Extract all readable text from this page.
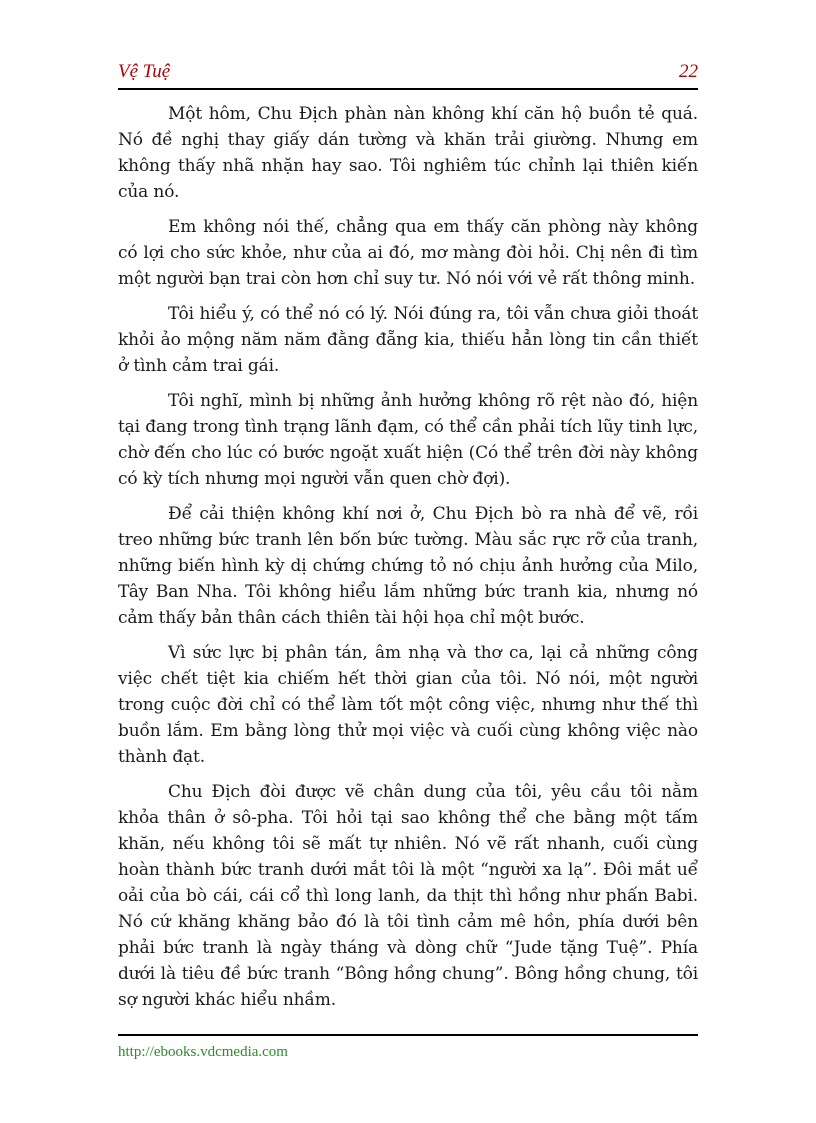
Vệ Tuệ	22

Một hôm, Chu Địch phàn nàn không khí căn hộ buồn tẻ quá. Nó đề nghị thay giấy dán tường và khăn trải giường. Nhưng em không thấy nhã nhặn hay sao. Tôi nghiêm túc chỉnh lại thiên kiến của nó.

Em không nói thế, chẳng qua em thấy căn phòng này không có lợi cho sức khỏe, như của ai đó, mơ màng đòi hỏi. Chị nên đi tìm một người bạn trai còn hơn chỉ suy tư. Nó nói với vẻ rất thông minh.

Tôi hiểu ý, có thể nó có lý. Nói đúng ra, tôi vẫn chưa giỏi thoát khỏi ảo mộng năm năm đằng đẵng kia, thiếu hẳn lòng tin cần thiết ở tình cảm trai gái.

Tôi nghĩ, mình bị những ảnh hưởng không rõ rệt nào đó, hiện tại đang trong tình trạng lãnh đạm, có thể cần phải tích lũy tinh lực, chờ đến cho lúc có bước ngoặt xuất hiện (Có thể trên đời này không có kỳ tích nhưng mọi người vẫn quen chờ đợi).

Để cải thiện không khí nơi ở, Chu Địch bò ra nhà để vẽ, rồi treo những bức tranh lên bốn bức tường. Màu sắc rực rỡ của tranh, những biến hình kỳ dị chứng chứng tỏ nó chịu ảnh hưởng của Milo, Tây Ban Nha. Tôi không hiểu lắm những bức tranh kia, nhưng nó cảm thấy bản thân cách thiên tài hội họa chỉ một bước.

Vì sức lực bị phân tán, âm nhạ và thơ ca, lại cả những công việc chết tiệt kia chiếm hết thời gian của tôi. Nó nói, một người trong cuộc đời chỉ có thể làm tốt một công việc, nhưng như thế thì buồn lắm. Em bằng lòng thử mọi việc và cuối cùng không việc nào thành đạt.

Chu Địch đòi được vẽ chân dung của tôi, yêu cầu tôi nằm khỏa thân ở sô-pha. Tôi hỏi tại sao không thể che bằng một tấm khăn, nếu không tôi sẽ mất tự nhiên. Nó vẽ rất nhanh, cuối cùng hoàn thành bức tranh dưới mắt tôi là một “người xa lạ”. Đôi mắt uể oải của bò cái, cái cổ thì long lanh, da thịt thì hồng như phấn Babi. Nó cứ khăng khăng bảo đó là tôi tình cảm mê hồn, phía dưới bên phải bức tranh là ngày tháng và dòng chữ “Jude tặng Tuệ”. Phía dưới là tiêu đề bức tranh “Bông hồng chung”. Bông hồng chung, tôi sợ người khác hiểu nhầm.

http://ebooks.vdcmedia.com
